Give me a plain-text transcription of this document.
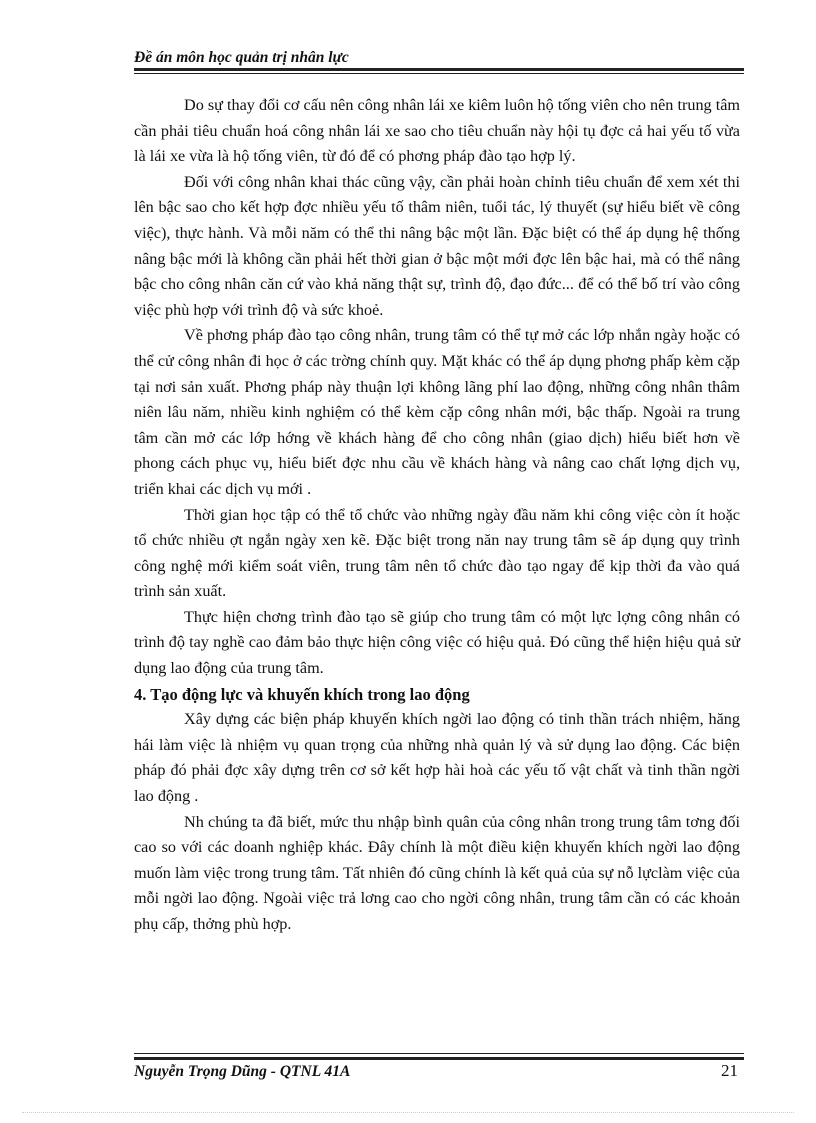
Đề án môn học quản trị nhân lực

Do sự thay đổi cơ cấu nên công nhân lái xe kiêm luôn hộ tống viên cho nên trung tâm cần phải tiêu chuẩn hoá công nhân lái xe sao cho tiêu chuẩn này hội tụ đợc cả hai yếu tố vừa là lái xe vừa là hộ tống viên, từ đó để có phơng pháp đào tạo hợp lý.

Đối với công nhân khai thác cũng vậy, cần phải hoàn chỉnh tiêu chuẩn để xem xét thi lên bậc sao cho kết hợp đợc nhiều yếu tố thâm niên, tuổi tác, lý thuyết (sự hiểu biết về công việc), thực hành. Và mỗi năm có thể thi nâng bậc một lần. Đặc biệt có thể áp dụng hệ thống nâng bậc mới là không cần phải hết thời gian ở bậc một mới đợc lên bậc hai, mà có thể nâng bậc cho công nhân căn cứ vào khả năng thật sự, trình độ, đạo đức... để có thể bố trí vào công việc phù hợp với trình độ và sức khoẻ.

Về phơng pháp đào tạo công nhân, trung tâm có thể tự mở các lớp nhắn ngày hoặc có thể cử công nhân đi học ở các trờng chính quy. Mặt khác có thể áp dụng phơng phấp kèm cặp tại nơi sản xuất. Phơng pháp này thuận lợi không lãng phí lao động, những công nhân thâm niên lâu năm, nhiều kinh nghiệm có thể kèm cặp công nhân mới, bậc thấp. Ngoài ra trung tâm cần mở các lớp hớng về khách hàng để cho công nhân (giao dịch) hiểu biết hơn về phong cách phục vụ, hiểu biết đợc nhu cầu về khách hàng và nâng cao chất lợng dịch vụ, triển khai các dịch vụ mới .

Thời gian học tập có thể tổ chức vào những ngày đầu năm khi công việc còn ít hoặc tổ chức nhiều ợt ngắn ngày xen kẽ. Đặc biệt trong năn nay trung tâm sẽ áp dụng quy trình công nghệ mới kiểm soát viên, trung tâm nên tổ chức đào tạo ngay để kịp thời đa vào quá trình sản xuất.

Thực hiện chơng trình đào tạo sẽ giúp cho trung tâm có một lực lợng công nhân có trình độ tay nghề cao đảm bảo thực hiện công việc có hiệu quả. Đó cũng thể hiện hiệu quả sử dụng lao động của trung tâm.

4. Tạo động lực và khuyến khích trong lao động

Xây dựng các biện pháp khuyến khích ngời lao động có tinh thần trách nhiệm, hăng hái làm việc là nhiệm vụ quan trọng của những nhà quản lý và sử dụng lao động. Các biện pháp đó phải đợc xây dựng trên cơ sở kết hợp hài hoà các yếu tố vật chất và tinh thần ngời lao động .

Nh chúng ta đã biết, mức thu nhập bình quân của công nhân trong trung tâm tơng đối cao so với các doanh nghiệp khác. Đây chính là một điều kiện khuyến khích ngời lao động muốn làm việc trong trung tâm. Tất nhiên đó cũng chính là kết quả của sự nỗ lựclàm việc của mỗi ngời lao động. Ngoài việc trả lơng cao cho ngời công nhân, trung tâm cần có các khoản phụ cấp, thởng phù hợp.

Nguyễn Trọng Dũng - QTNL 41A	21
